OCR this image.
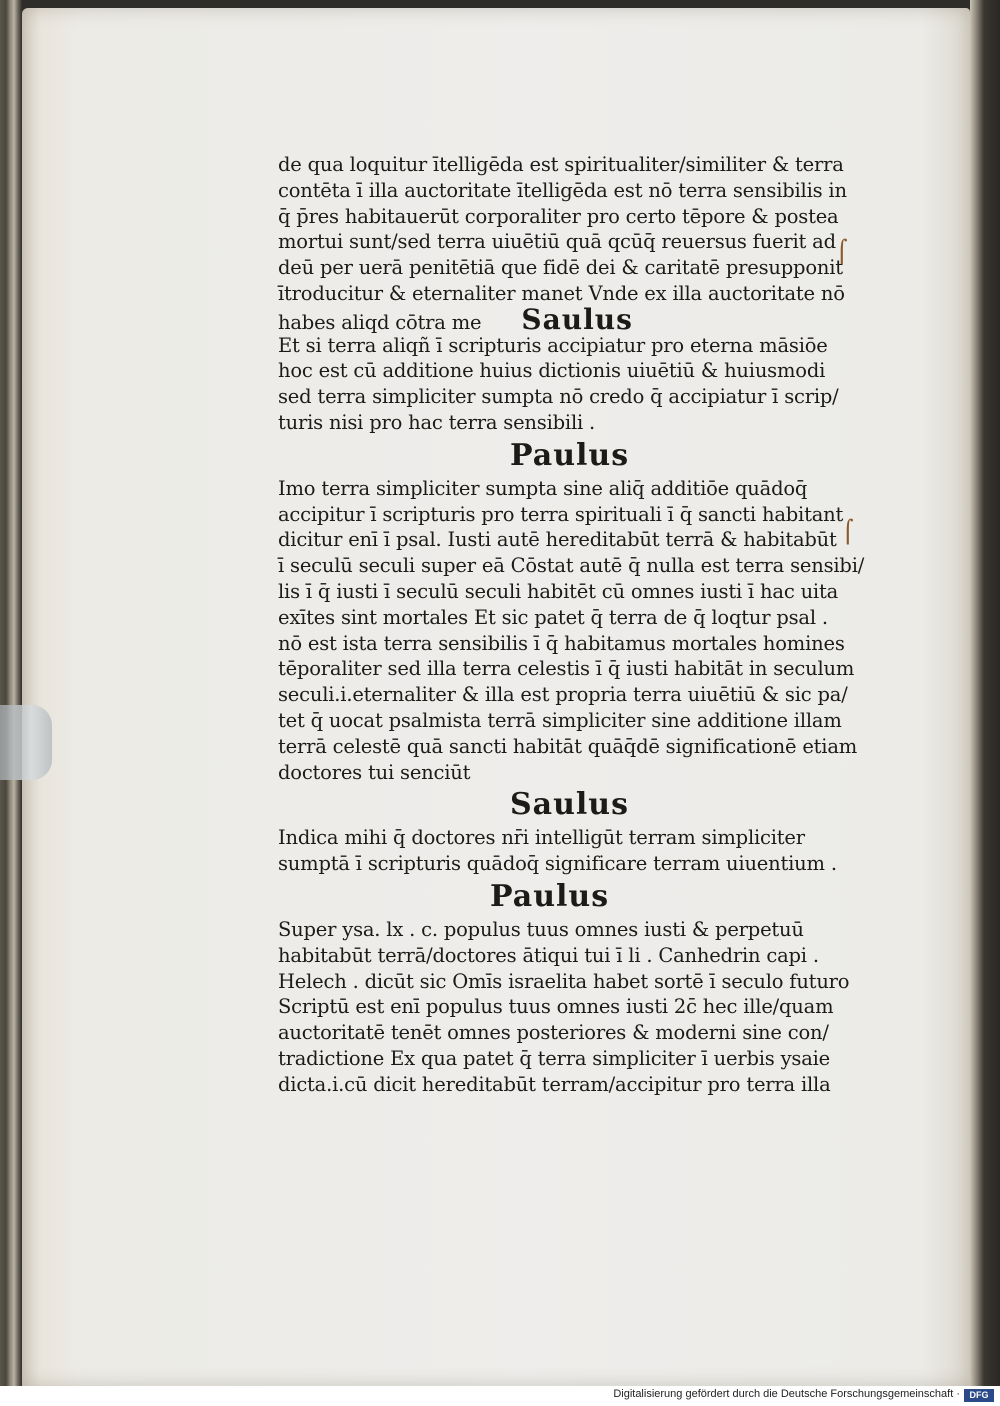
⌠
⌠
de qua loquitur ītelligēda est spiritualiter/similiter & terra
contēta ī illa auctoritate ītelligēda est nō terra sensibilis in
q̄ p̄res habitauerūt corporaliter pro certo tēpore & postea
mortui sunt/sed terra uiuētiū quā qcūq̄ reuersus fuerit ad
deū per uerā penitētiā que fidē dei & caritatē presupponit
ītroducitur & eternaliter manet Vnde ex illa auctoritate nō
habes aliqd cōtra me Saulus
Et si terra aliqñ ī scripturis accipiatur pro eterna māsiōe
hoc est cū additione huius dictionis uiuētiū & huiusmodi
sed terra simpliciter sumpta nō credo q̄ accipiatur ī scrip/
turis nisi pro hac terra sensibili .
Paulus
Imo terra simpliciter sumpta sine aliq̄ additiōe quādoq̄
accipitur ī scripturis pro terra spirituali ī q̄ sancti habitant
dicitur enī ī psal. Iusti autē hereditabūt terrā & habitabūt
ī seculū seculi super eā Cōstat autē q̄ nulla est terra sensibi/
lis ī q̄ iusti ī seculū seculi habitēt cū omnes iusti ī hac uita
exītes sint mortales Et sic patet q̄ terra de q̄ loqtur psal .
nō est ista terra sensibilis ī q̄ habitamus mortales homines
tēporaliter sed illa terra celestis ī q̄ iusti habitāt in seculum
seculi.i.eternaliter & illa est propria terra uiuētiū & sic pa/
tet q̄ uocat psalmista terrā simpliciter sine additione illam
terrā celestē quā sancti habitāt quāq̄dē significationē etiam
doctores tui senciūt
Saulus
Indica mihi q̄ doctores nr̄i intelligūt terram simpliciter
sumptā ī scripturis quādoq̄ significare terram uiuentium .
Paulus
Super ysa. lx . c. populus tuus omnes iusti & perpetuū
habitabūt terrā/doctores ātiqui tui ī li . Canhedrin capi .
Helech . dicūt sic Omīs israelita habet sortē ī seculo futuro
Scriptū est enī populus tuus omnes iusti 2c̄ hec ille/quam
auctoritatē tenēt omnes posteriores & moderni sine con/
tradictione Ex qua patet q̄ terra simpliciter ī uerbis ysaie
dicta.i.cū dicit hereditabūt terram/accipitur pro terra illa
Digitalisierung gefördert durch die Deutsche Forschungsgemeinschaft ·	DFG
